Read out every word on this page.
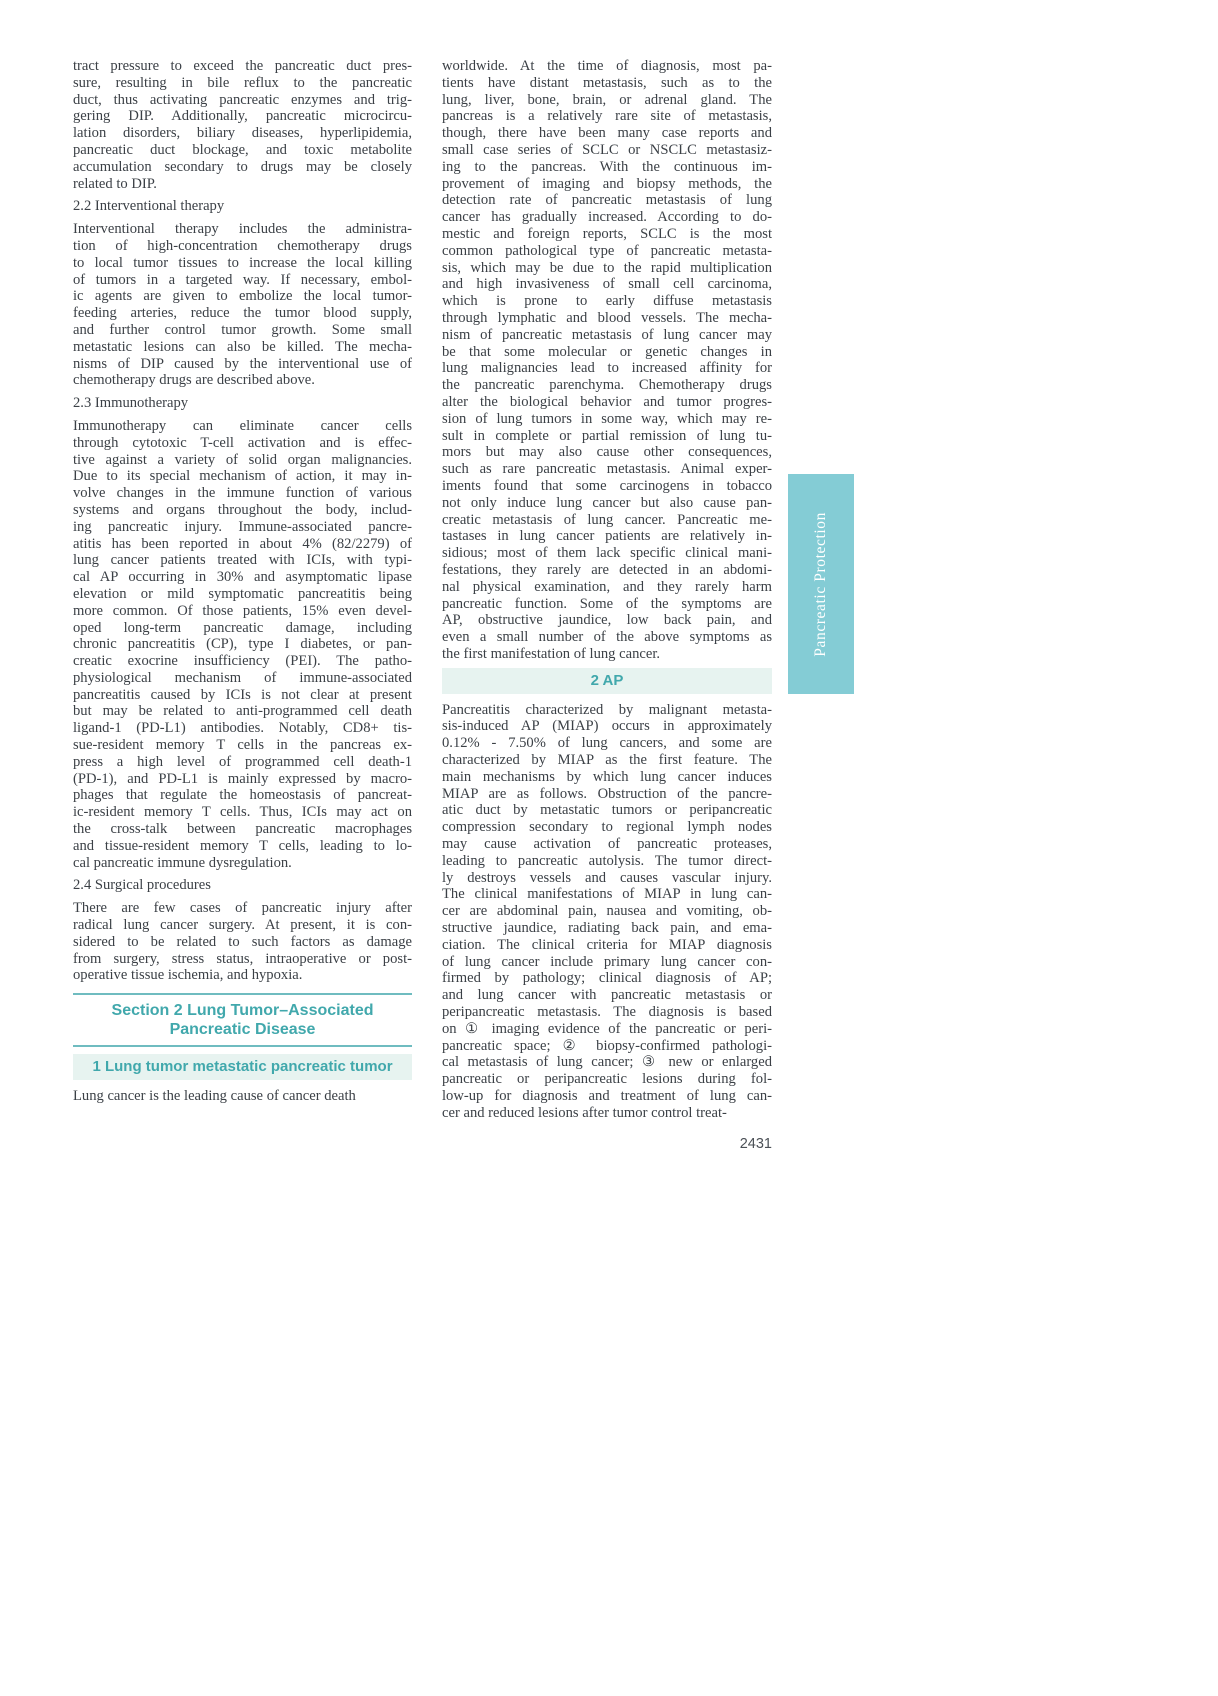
tract pressure to exceed the pancreatic duct pres-
sure, resulting in bile reflux to the pancreatic
duct, thus activating pancreatic enzymes and trig-
gering DIP. Additionally, pancreatic microcircu-
lation disorders, biliary diseases, hyperlipidemia,
pancreatic duct blockage, and toxic metabolite
accumulation secondary to drugs may be closely
related to DIP.
2.2 Interventional therapy
Interventional therapy includes the administra-
tion of high-concentration chemotherapy drugs
to local tumor tissues to increase the local killing
of tumors in a targeted way. If necessary, embol-
ic agents are given to embolize the local tumor-
feeding arteries, reduce the tumor blood supply,
and further control tumor growth. Some small
metastatic lesions can also be killed. The mecha-
nisms of DIP caused by the interventional use of
chemotherapy drugs are described above.
2.3 Immunotherapy
Immunotherapy can eliminate cancer cells
through cytotoxic T-cell activation and is effec-
tive against a variety of solid organ malignancies.
Due to its special mechanism of action, it may in-
volve changes in the immune function of various
systems and organs throughout the body, includ-
ing pancreatic injury. Immune-associated pancre-
atitis has been reported in about 4% (82/2279) of
lung cancer patients treated with ICIs, with typi-
cal AP occurring in 30% and asymptomatic lipase
elevation or mild symptomatic pancreatitis being
more common. Of those patients, 15% even devel-
oped long-term pancreatic damage, including
chronic pancreatitis (CP), type I diabetes, or pan-
creatic exocrine insufficiency (PEI). The patho-
physiological mechanism of immune-associated
pancreatitis caused by ICIs is not clear at present
but may be related to anti-programmed cell death
ligand-1 (PD-L1) antibodies. Notably, CD8+ tis-
sue-resident memory T cells in the pancreas ex-
press a high level of programmed cell death-1
(PD-1), and PD-L1 is mainly expressed by macro-
phages that regulate the homeostasis of pancreat-
ic-resident memory T cells. Thus, ICIs may act on
the cross-talk between pancreatic macrophages
and tissue-resident memory T cells, leading to lo-
cal pancreatic immune dysregulation.
2.4 Surgical procedures
There are few cases of pancreatic injury after
radical lung cancer surgery. At present, it is con-
sidered to be related to such factors as damage
from surgery, stress status, intraoperative or post-
operative tissue ischemia, and hypoxia.
Section 2 Lung Tumor–Associated
Pancreatic Disease
1 Lung tumor metastatic pancreatic tumor
Lung cancer is the leading cause of cancer death
worldwide. At the time of diagnosis, most pa-
tients have distant metastasis, such as to the
lung, liver, bone, brain, or adrenal gland. The
pancreas is a relatively rare site of metastasis,
though, there have been many case reports and
small case series of SCLC or NSCLC metastasiz-
ing to the pancreas. With the continuous im-
provement of imaging and biopsy methods, the
detection rate of pancreatic metastasis of lung
cancer has gradually increased. According to do-
mestic and foreign reports, SCLC is the most
common pathological type of pancreatic metasta-
sis, which may be due to the rapid multiplication
and high invasiveness of small cell carcinoma,
which is prone to early diffuse metastasis
through lymphatic and blood vessels. The mecha-
nism of pancreatic metastasis of lung cancer may
be that some molecular or genetic changes in
lung malignancies lead to increased affinity for
the pancreatic parenchyma. Chemotherapy drugs
alter the biological behavior and tumor progres-
sion of lung tumors in some way, which may re-
sult in complete or partial remission of lung tu-
mors but may also cause other consequences,
such as rare pancreatic metastasis. Animal exper-
iments found that some carcinogens in tobacco
not only induce lung cancer but also cause pan-
creatic metastasis of lung cancer. Pancreatic me-
tastases in lung cancer patients are relatively in-
sidious; most of them lack specific clinical mani-
festations, they rarely are detected in an abdomi-
nal physical examination, and they rarely harm
pancreatic function. Some of the symptoms are
AP, obstructive jaundice, low back pain, and
even a small number of the above symptoms as
the first manifestation of lung cancer.
2 AP
Pancreatitis characterized by malignant metasta-
sis-induced AP (MIAP) occurs in approximately
0.12% - 7.50% of lung cancers, and some are
characterized by MIAP as the first feature. The
main mechanisms by which lung cancer induces
MIAP are as follows. Obstruction of the pancre-
atic duct by metastatic tumors or peripancreatic
compression secondary to regional lymph nodes
may cause activation of pancreatic proteases,
leading to pancreatic autolysis. The tumor direct-
ly destroys vessels and causes vascular injury.
The clinical manifestations of MIAP in lung can-
cer are abdominal pain, nausea and vomiting, ob-
structive jaundice, radiating back pain, and ema-
ciation. The clinical criteria for MIAP diagnosis
of lung cancer include primary lung cancer con-
firmed by pathology; clinical diagnosis of AP;
and lung cancer with pancreatic metastasis or
peripancreatic metastasis. The diagnosis is based
on ① imaging evidence of the pancreatic or peri-
pancreatic space; ② biopsy-confirmed pathologi-
cal metastasis of lung cancer; ③ new or enlarged
pancreatic or peripancreatic lesions during fol-
low-up for diagnosis and treatment of lung can-
cer and reduced lesions after tumor control treat-
Pancreatic Protection
2431
